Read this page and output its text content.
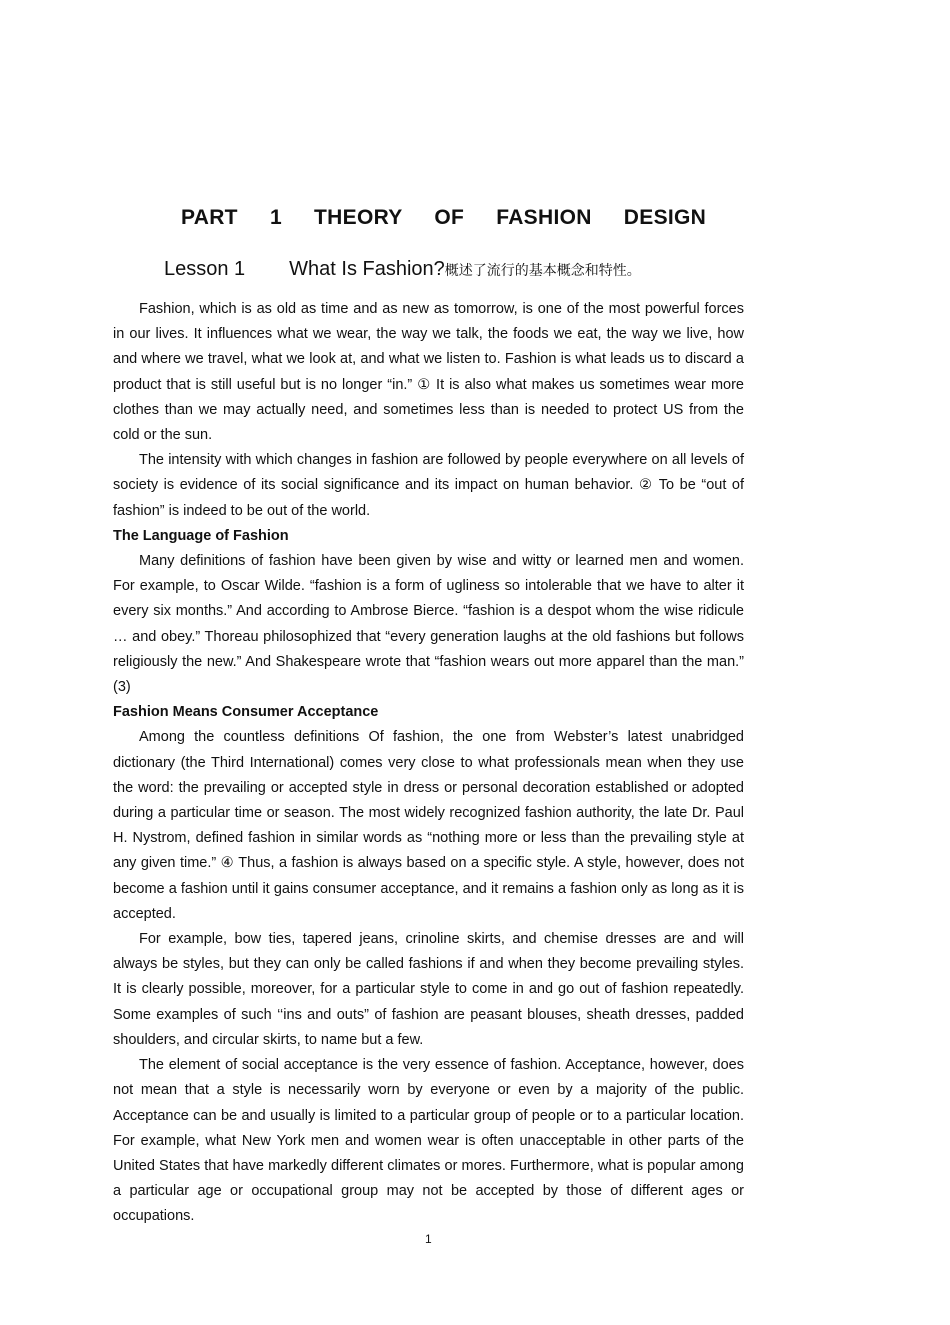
PART 1 THEORY OF FASHION DESIGN
Lesson 1 What Is Fashion?概述了流行的基本概念和特性。

Fashion, which is as old as time and as new as tomorrow, is one of the most powerful forces in our lives. It influences what we wear, the way we talk, the foods we eat, the way we live, how and where we travel, what we look at, and what we listen to. Fashion is what leads us to discard a product that is still useful but is no longer “in.” ① It is also what makes us sometimes wear more clothes than we may actually need, and sometimes less than is needed to protect US from the cold or the sun.

The intensity with which changes in fashion are followed by people everywhere on all levels of society is evidence of its social significance and its impact on human behavior. ② To be “out of fashion” is indeed to be out of the world.

The Language of Fashion

Many definitions of fashion have been given by wise and witty or learned men and women. For example, to Oscar Wilde. “fashion is a form of ugliness so intolerable that we have to alter it every six months.” And according to Ambrose Bierce. “fashion is a despot whom the wise ridicule … and obey.” Thoreau philosophized that “every generation laughs at the old fashions but follows religiously the new.” And Shakespeare wrote that “fashion wears out more apparel than the man.” (3)

Fashion Means Consumer Acceptance

Among the countless definitions Of fashion, the one from Webster’s latest unabridged dictionary (the Third International) comes very close to what professionals mean when they use the word: the prevailing or accepted style in dress or personal decoration established or adopted during a particular time or season. The most widely recognized fashion authority, the late Dr. Paul H. Nystrom, defined fashion in similar words as “nothing more or less than the prevailing style at any given time.” ④ Thus, a fashion is always based on a specific style. A style, however, does not become a fashion until it gains consumer acceptance, and it remains a fashion only as long as it is accepted.

For example, bow ties, tapered jeans, crinoline skirts, and chemise dresses are and will always be styles, but they can only be called fashions if and when they become prevailing styles. It is clearly possible, moreover, for a particular style to come in and go out of fashion repeatedly. Some examples of such ‘‘ins and outs” of fashion are peasant blouses, sheath dresses, padded shoulders, and circular skirts, to name but a few.

The element of social acceptance is the very essence of fashion. Acceptance, however, does not mean that a style is necessarily worn by everyone or even by a majority of the public. Acceptance can be and usually is limited to a particular group of people or to a particular location. For example, what New York men and women wear is often unacceptable in other parts of the United States that have markedly different climates or mores. Furthermore, what is popular among a particular age or occupational group may not be accepted by those of different ages or occupations.

1
